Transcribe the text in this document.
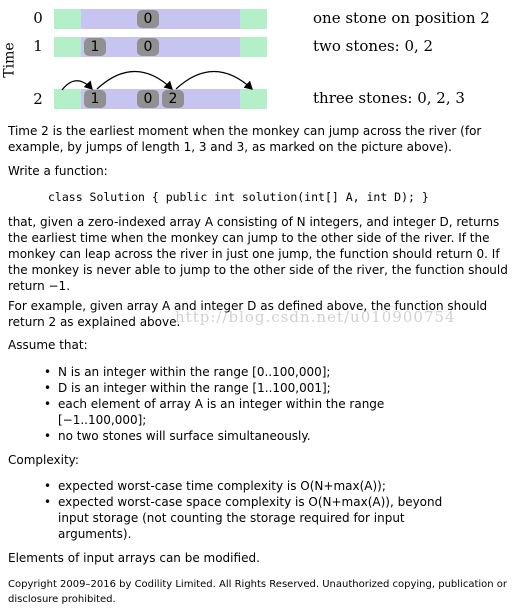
Time
0	0	one stone on position 2
1	1	0	two stones: 0, 2
2	1	0	2	three stones: 0, 2, 3

Time 2 is the earliest moment when the monkey can jump across the river (for example, by jumps of length 1, 3 and 3, as marked on the picture above).

Write a function:

class Solution { public int solution(int[] A, int D); }

that, given a zero-indexed array A consisting of N integers, and integer D, returns the earliest time when the monkey can jump to the other side of the river. If the monkey can leap across the river in just one jump, the function should return 0. If the monkey is never able to jump to the other side of the river, the function should return −1.

For example, given array A and integer D as defined above, the function should return 2 as explained above.

http://blog.csdn.net/u010900754

Assume that:

• N is an integer within the range [0..100,000];
• D is an integer within the range [1..100,001];
• each element of array A is an integer within the range [−1..100,000];
• no two stones will surface simultaneously.

Complexity:

• expected worst-case time complexity is O(N+max(A));
• expected worst-case space complexity is O(N+max(A)), beyond input storage (not counting the storage required for input arguments).

Elements of input arrays can be modified.

Copyright 2009–2016 by Codility Limited. All Rights Reserved. Unauthorized copying, publication or disclosure prohibited.
